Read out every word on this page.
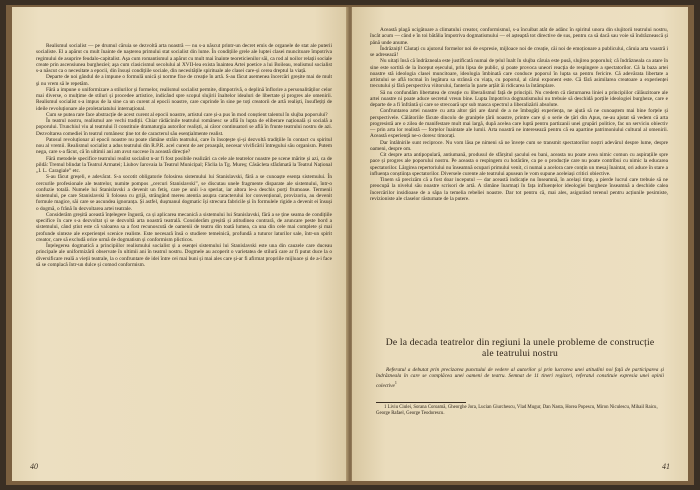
Realismul socialist — pe drumul căruia se dezvoltă arta noastră — nu s-a născut printr-un decret emis de organele de stat ale puterii socialiste. El a apărut cu mult înainte de nașterea primului stat socialist din lume. În condițiile grele ale luptei clasei muncitoare împotriva regimului de asuprire feudalo-capitalist. Aşa cum romantismul a apărut cu mult mai înainte teoreticienilor săi, ca rod al noilor relații sociale create prin ascensiunea burgheziei; aşa cum clasicismul secolului al XVII-lea exista înaintea Artei poetice a lui Boileau, realismul socialist s-a născut ca o necesitate a epocii, din însuși condițiile sociale, din necesitățile spirituale ale clasei care-și cerea dreptul la viață.

Departe de noi gândul de a impune o formulă unică și norme fixe de creație în artă. S-au făcut asemenea încercări greșite mai de mult şi nu vrem să le repetăm.

Fără a impune o uniformizare a stilurilor și formelor, realismul socialist permite, dimpotrivă, o deplină înflorire a personalităților celor mai diverse, o mulțime de stiluri și procedee artistice, indicând spre scopul slujirii înaltelor idealuri de libertate şi progres ale omenirii. Realismul socialist s-a impus de la sine ca un curent al epocii noastre, care cuprinde în sine pe toți creatorii de artă realiști, însuflețiți de ideile revoluționare ale proletariatului internațional.

Cum se putea rare face abstracție de acest curent al epocii noastre, artistul care și-a pus în mod conștient talentul în slujba poporului?

În teatrul nostru, realismul are vechi tradiții. Chiar rădăcinile teatrului românesc se află în lupta de eliberare națională și socială a poporului. Trunchiul viu al teatrului îl constituie dramaturgia autorilor realiști, ai căror continuatori se află în frunte teatrului nostru de azi. Dezvoltarea comediei în teatrul românesc ține tot de caracterul său esențialmente realist.

Patosul revoluționar al epocii noastre nu poate rămâne străin teatrului, care în însoțește și-și dezvoltă tradițiile în contact cu spiritul nou al vremii. Realismul socialist a adus teatrului din R.P.R. acel curent de aer proaspăt, necesar vivificării întregului său organism. Putem nega, care s-a făcut, că în ultimii ani am avut succese în această direcție?

Fără metodele specifice teatrului realist socialist n-ar fi fost posibile realizări ca cele ale teatrelor noastre pe scene mărite și azi, ca de pildă: Tremul blindat la Teatrul Armatei; Liubov Iarovaia la Teatrul Municipal; Fâclia la Tg. Mureș; Căsăcleta sfărâmată la Teatrul Național „I. L. Caragiale” etc.

S-au făcut greșeli, e adevărat. S-a socotit obligatorie folosirea sistemului lui Stanislavski, fără a se cunoaște esența sistemului. În cercurile profesionale ale teatrelor, numite pompos „cercuri Stanislavski”, se discutau unele fragmente disparate ale sistemului, într-o confuzie totală. Numele lui Stanislavski a devenit un fetiș, care pe unii i-a speriat, iar altora le-a deschis porți frumoase. Termenii sistemului, pe care Stanislavski îi folosea cu grijă, străngând mereu atentia asupra caracterului lor convențional, provizoriu, au devenit formule magice, săi care se ascundea ignoranța. Și astfel, dușmanul dogmatic își strecura fabricile și în formulele rigide a devenit ei însuși o dogmă, o frână în dezvoltarea artei teatrale.

Considerăm greșită această înțelegere îngustă, ca și aplicarea mecanică a sistemului lui Stanislavski, fără a se ține seama de condițiile specifice în care s-a dezvoltat și se dezvoltă arta noastră teatrală. Considerăm greșită și atitudinea contrară, de aruncare peste bord a sistemului, când știut este că valoarea sa a fost recunoscută de oamenii de teatru din toată lumea, ca una din cele mai complete și mai profunde sinteze ale experienței scenice realiste. Este necesară însă o studiere temeinică, profundă a tuturor laturilor sale, într-un spirit creator, care să excludă orice urmă de dogmatism și conformism plicticos.

Înțelegerea dogmatică a principiilor realismului socialist și a esenței sistemului lui Stanislavski este una din cauzele care duceau principale ale uniformizării observate în ultimii ani în teatrul nostru. Dogmele au acoperit o varietatea de stilură care ar fi putut duce la o diversificare reală a vieții teatrale, la o confruntare de idei între cei mai buni și mai ales care și-ar fi afirmat propriile mijloace și de a-i face să se complacă într-un dulce și comod conformism.

40

Această plagă ucigătoare a climatului creator, conformismul, s-a încuibat atât de adânc în spiritul unora din slujitorii teatrului nostru, încât acum — când e în toi bătălia împotriva dogmatismului — el așteaptă tot directive de sus, pentru ca să dacă sau voie să îndrăznească și până unde anume.

Îndrăzniți! Căutați cu ajutorul formelor noi de expresie, mijloace noi de creație, căi noi de emoționare a publicului, căruia arta voastră i se adresează!

Nu uitați însă că îndrăzneala este justificată numai de țelul înalt în slujba căruia este pusă, slujirea poporului; că îndrăzneala ca atare în sine este sortită de la început eșecului, prin lipsa de public, și poate provoca uneori reacția de respingere a spectatorilor. Că la baza artei noastre stă ideologia clasei muncitoare, ideologia îmbinată care conduce poporul în lupta sa pentru fericire. Că adevărata libertate a artistului se află tocmai în legătura sa strânsă cu viața, cu poporul, al cărui exponent este. Că fără asimilarea creatoare a experienței trecutului și fără perspectiva viitorului, fanteria în parte arțăit ăi ridicarea la întâmplare.

Să nu confundăm libertatea de creație cu liberalismul față de principii. Nu credem că răsturnarea liniei a principiilor călăuzitoare ale artei noastre ni poate aduce secretul vreun bine. Lupta împotriva dogmatismului nu trebuie să deschidă porțile ideologiei burgheze, care e departe de a fi înfrântă și care se strecoară upr sub masca spectrul a liberalizării absolute.

Confruntarea artei noastre cu arta altor țări are darul de a ne îmbogăți experiența, ne ajută să ne cunoaștem mai bine forțele și perspectivele. Călătoriile făcute dincolo de granițele țării noastre, printre care și o serie de țări din Apus, ne-au ajutat să vedem că arta progresistă are o zilea de manifestare mult mai largă, după acelea care luptă pentru partizanii unei grupări politice, fac un serviciu obiectiv — prin arta lor realistă — forțelor înaintate ale lumii. Arta noastră ne interesează pentru că ea apartine patrimoniului cultural al omenirii. Această experiență ne-o doresc timorați.

Dar întâlnirile sunt reciproce. Nu vom lăsa pe nimeni să ne învețe cum se transmit spectatorilor noștri adevărul despre lume, despre oameni, despre om.

Cit despre arta antipopulară, antiumană, produsul de sfârșitul șacului eu bani, aceasta nu poate avea nimic comun cu aspirațiile spre pace și progres ale poporului nostru. Pe aceasta o respingem cu hotărâre, ca pe o producție care nu poate contribui cu nimic la educarea spectatorilor. Lărgirea repertoriului nu înseamnă ocupari primului venit, ci numai a acelora care conțin un mesaj înaintat, ori aduce în stare a influența conștiința spectatorilor. Diversele curente ale teatrului apusean le vom supune aceleiași critici obiective.

Tinem să precizăm că a fost doar inceputul — dar această indicație nu înseamnă, în același timp, a pierde lucrul care trebuie să ne preocupă la nivelul său noastre scrisori de artă. A rămâne înarmați în fața influențelor ideologiei burgheze înseamnă a deschide calea încercărilor insidioase de a săpa la temelia rebeliei noastre. Dar tot pentru că, mai ales, asigurând terenul pentru acțiunile pesimiste, revizioniste ale claselor răsturnate de la putere.

De la decada teatrelor din regiuni la unele probleme de construcție ale teatrului nostru
Referatul a debutat prin precizarea punctului de vedere al autorilor și prin lucrarea unei atitudini noi față de participarea și îndrăzneala în care se complăcea unei oameni de teatru. Semnat de 11 tineri regizori, referatul constituie expresia unei opinii colective$^1$
1 Liviu Ciulei, Sorana Coroamă, Gheorghe Jora, Lucian Giurchescu, Vlad Mugur, Dan Nasta, Horea Popescu, Miron Niculescu, Mihail Raicu, George Rafael, George Teodorescu.
41
